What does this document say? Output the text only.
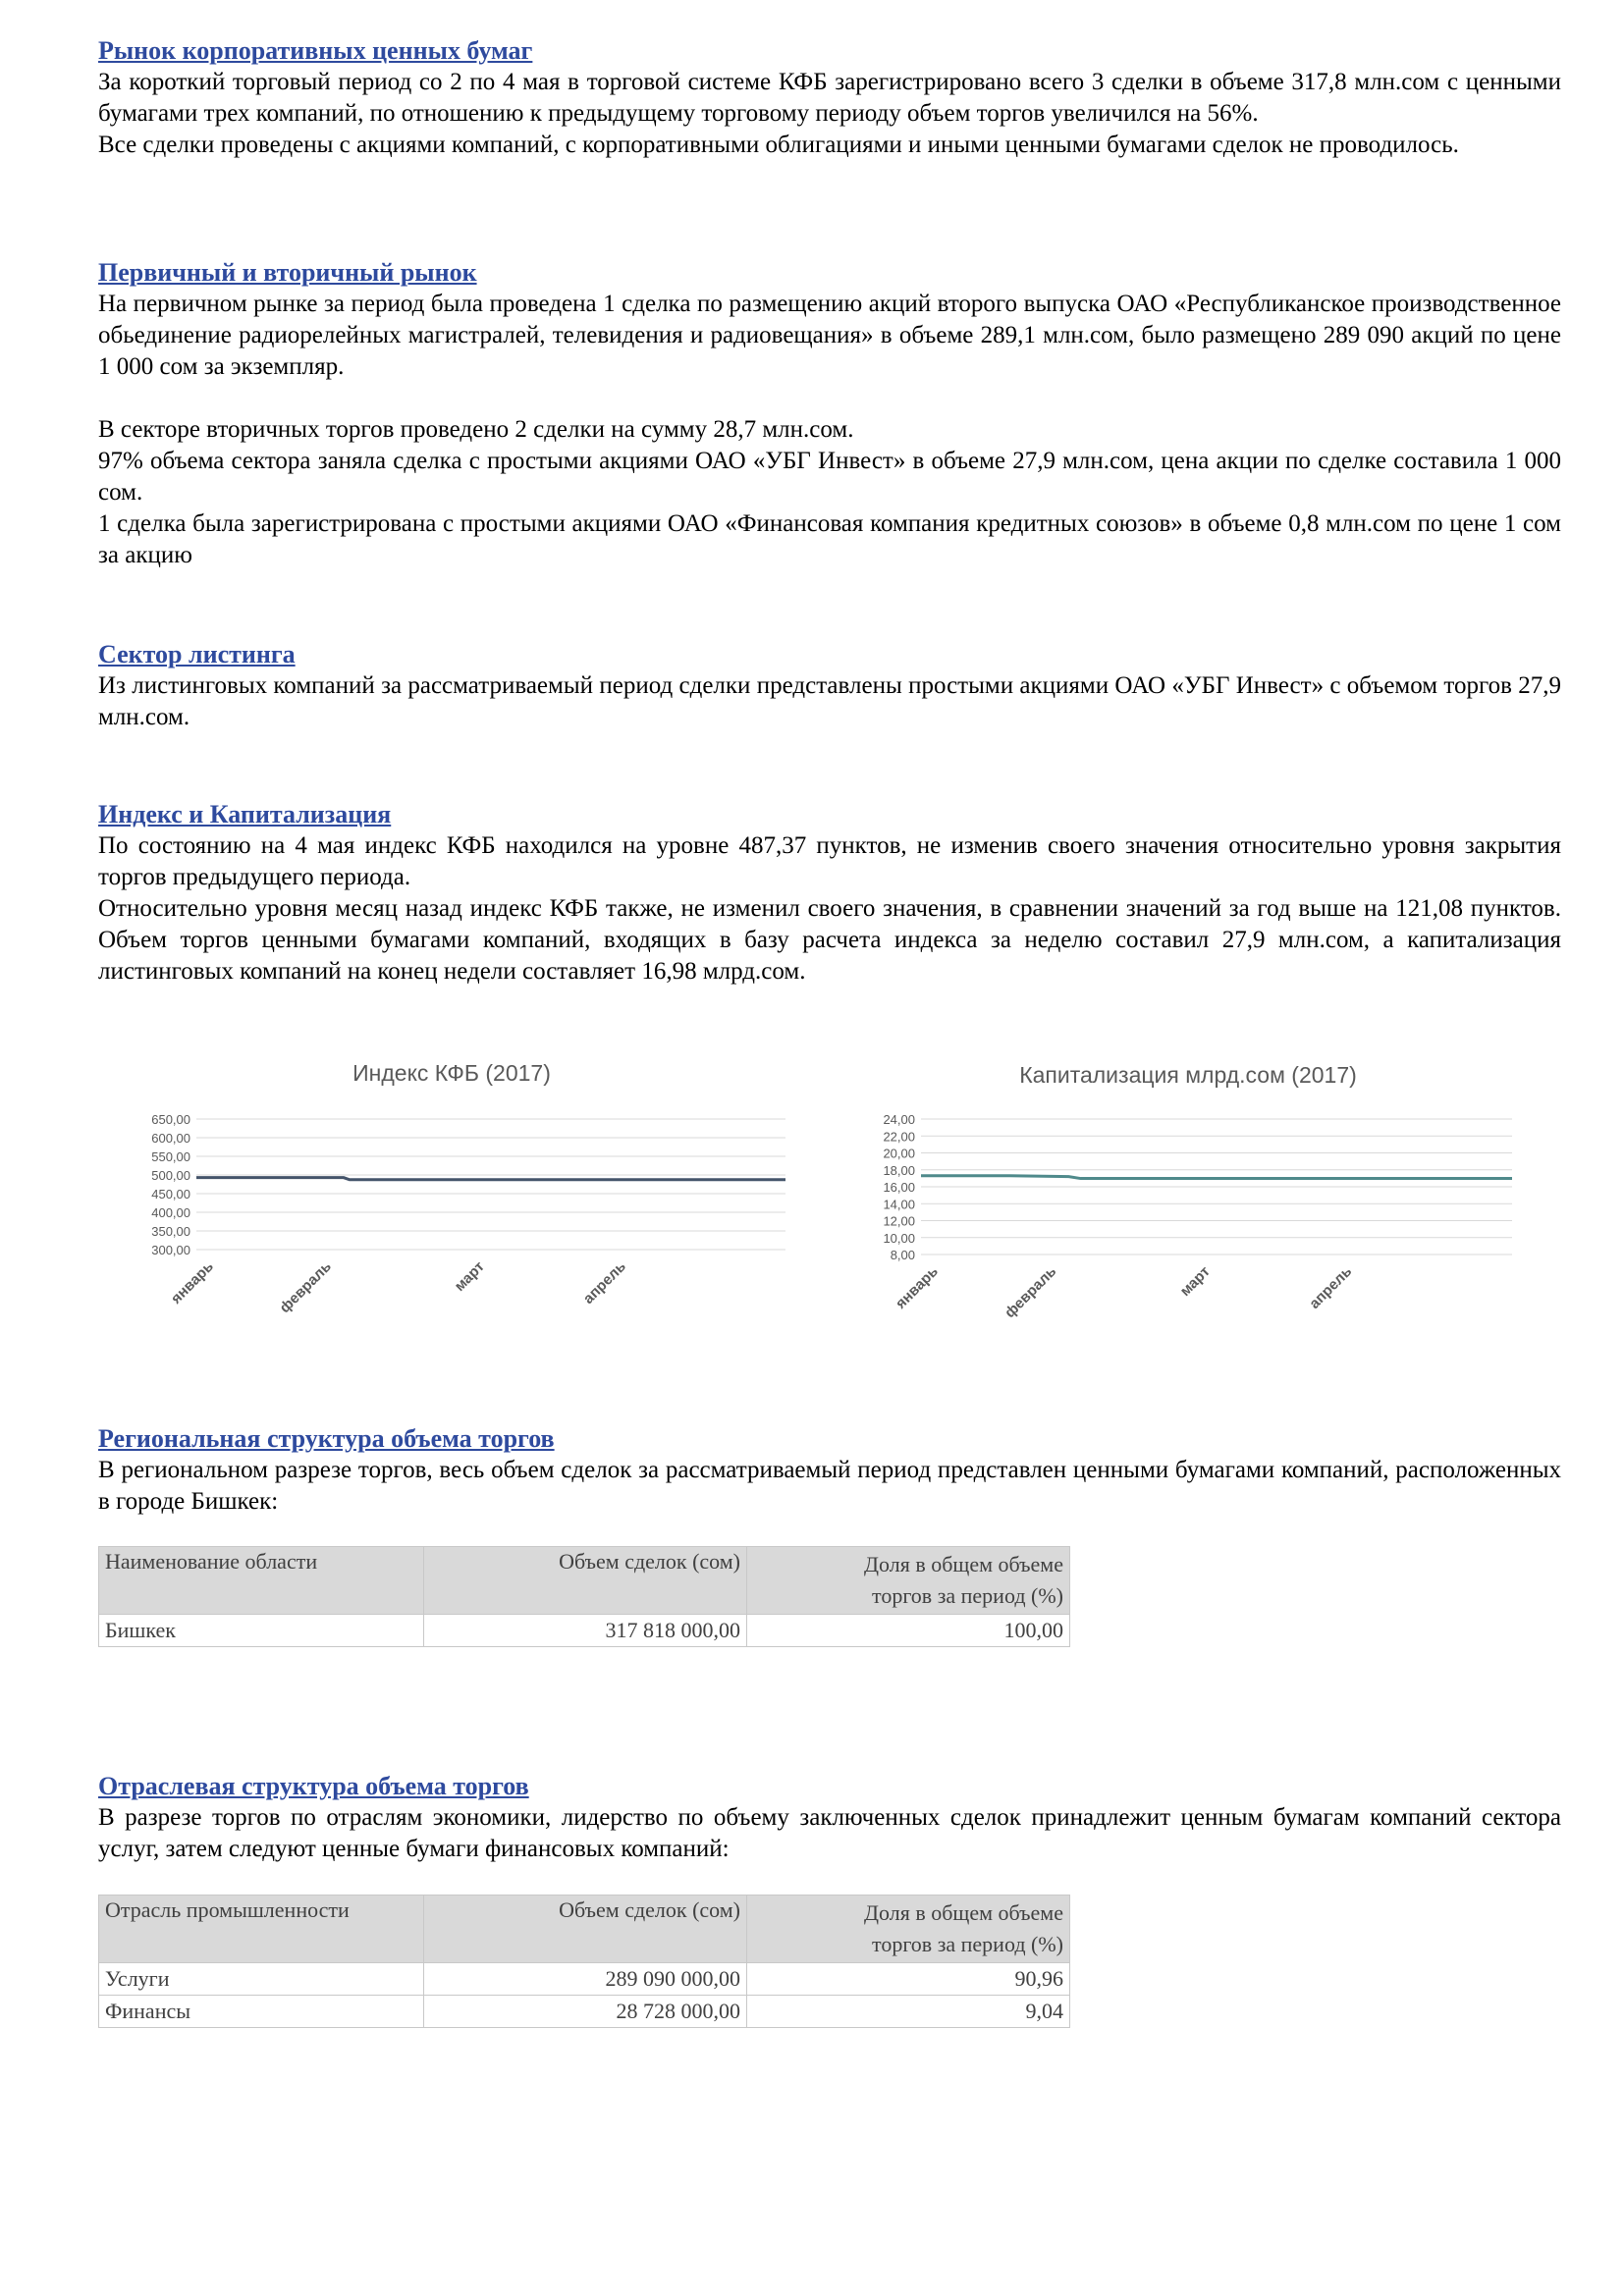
Рынок корпоративных ценных бумаг

За короткий торговый период со 2 по 4 мая в торговой системе КФБ зарегистрировано всего 3 сделки в объеме 317,8 млн.сом с ценными бумагами трех компаний, по отношению к предыдущему торговому периоду объем торгов увеличился на 56%.

Все сделки проведены с акциями компаний, с корпоративными облигациями и иными ценными бумагами сделок не проводилось.

Первичный и вторичный рынок

На первичном рынке за период была проведена 1 сделка по размещению акций второго выпуска ОАО «Республиканское производственное обьединение радиорелейных магистралей, телевидения и радиовещания» в объеме 289,1 млн.сом, было размещено 289 090 акций по цене 1 000 сом за экземпляр.

В секторе вторичных торгов проведено 2 сделки на сумму 28,7 млн.сом.

97% объема сектора заняла сделка с простыми акциями ОАО «УБГ Инвест» в объеме 27,9 млн.сом, цена акции по сделке составила 1 000 сом.

1 сделка была зарегистрирована с простыми акциями ОАО «Финансовая компания кредитных союзов» в объеме 0,8 млн.сом по цене 1 сом за акцию

Сектор листинга

Из листинговых компаний за рассматриваемый период сделки представлены простыми акциями ОАО «УБГ Инвест» с объемом торгов 27,9 млн.сом.

Индекс и Капитализация

По состоянию на 4 мая индекс КФБ находился на уровне 487,37 пунктов, не изменив своего значения относительно уровня закрытия торгов предыдущего периода.

Относительно уровня месяц назад индекс КФБ также, не изменил своего значения, в сравнении значений за год выше на 121,08 пунктов. Объем торгов ценными бумагами компаний, входящих в базу расчета индекса за неделю составил 27,9 млн.сом, а капитализация листинговых компаний на конец недели составляет 16,98 млрд.сом.

Индекс КФБ (2017)
300,00
350,00
400,00
450,00
500,00
550,00
600,00
650,00
январь	февраль	март	апрель
Капитализация млрд.сом (2017)
8,00
10,00
12,00
14,00
16,00
18,00
20,00
22,00
24,00
январь	февраль	март	апрель

Региональная структура объема торгов

В региональном разрезе торгов, весь объем сделок за рассматриваемый период представлен ценными бумагами компаний, расположенных в городе Бишкек:

Наименование области	Объем сделок (сом)	Доля в общем объеме
торгов за период (%)
Бишкек	317 818 000,00	100,00

Отраслевая структура объема торгов

В разрезе торгов по отраслям экономики, лидерство по объему заключенных сделок принадлежит ценным бумагам компаний сектора услуг, затем следуют ценные бумаги финансовых компаний:

Отрасль промышленности	Объем сделок (сом)	Доля в общем объеме
торгов за период (%)
Услуги	289 090 000,00	90,96
Финансы	28 728 000,00	9,04
